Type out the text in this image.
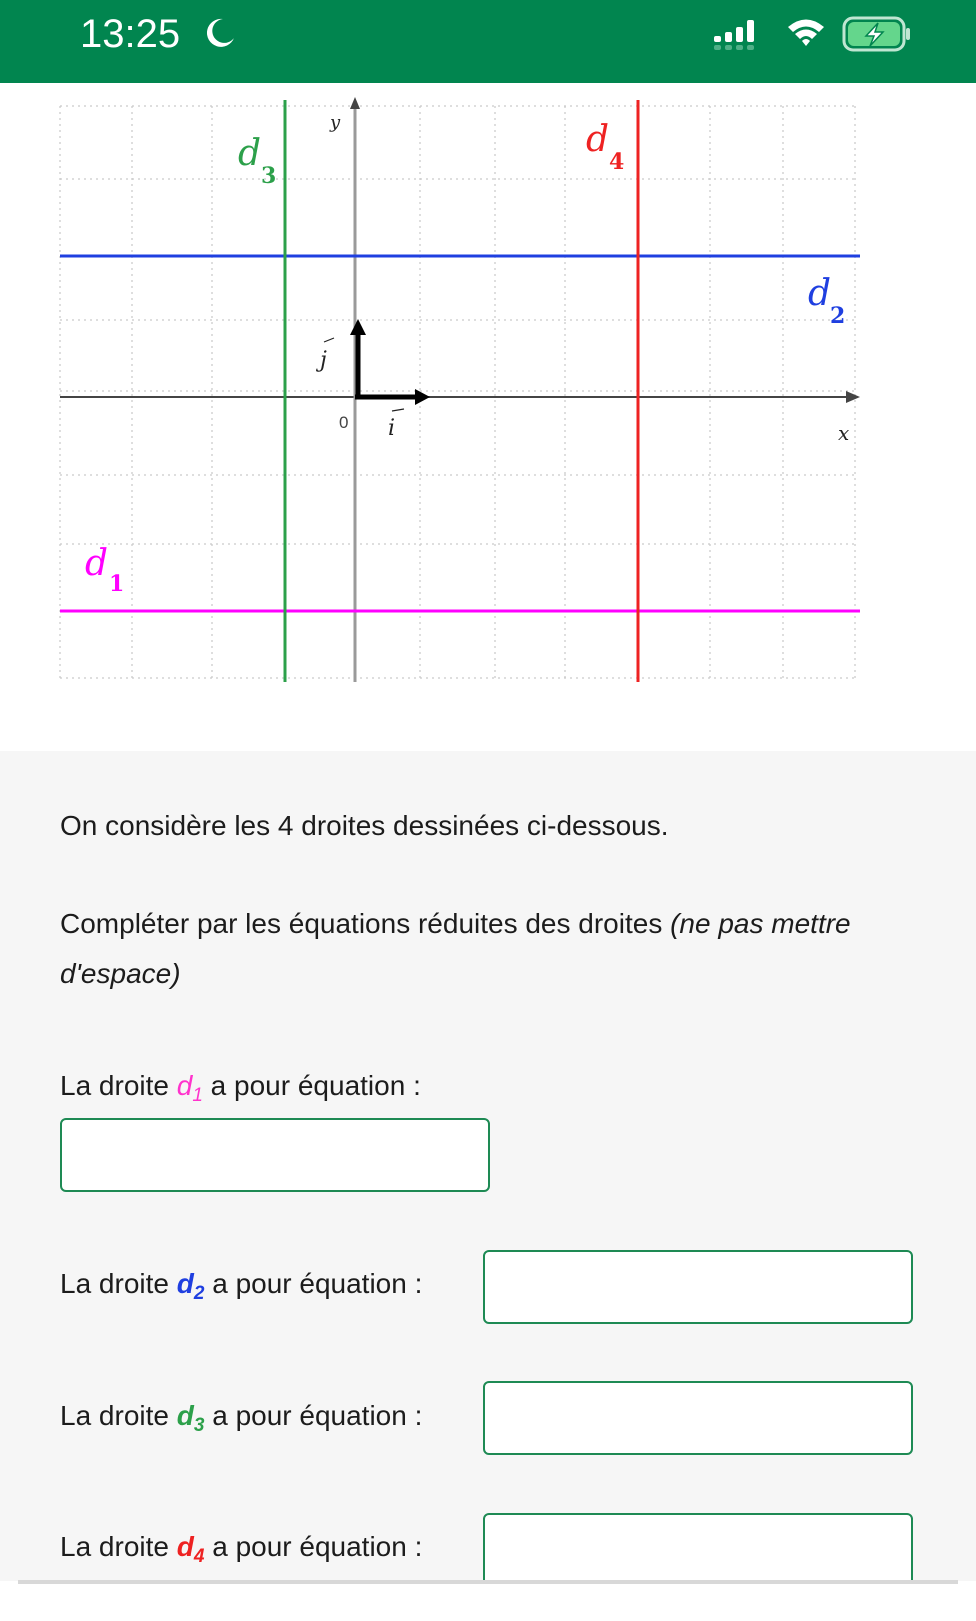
13:25
y
x
0 i
j
d 1
d
2
d
3
d
4
On considère les 4 droites dessinées ci-dessous.
Compléter par les équations réduites des droites (ne pas mettre d'espace)
La droite $d_1$ a pour équation :
La droite $d_2$ a pour équation :
La droite $d_3$ a pour équation :
La droite $d_4$ a pour équation :
